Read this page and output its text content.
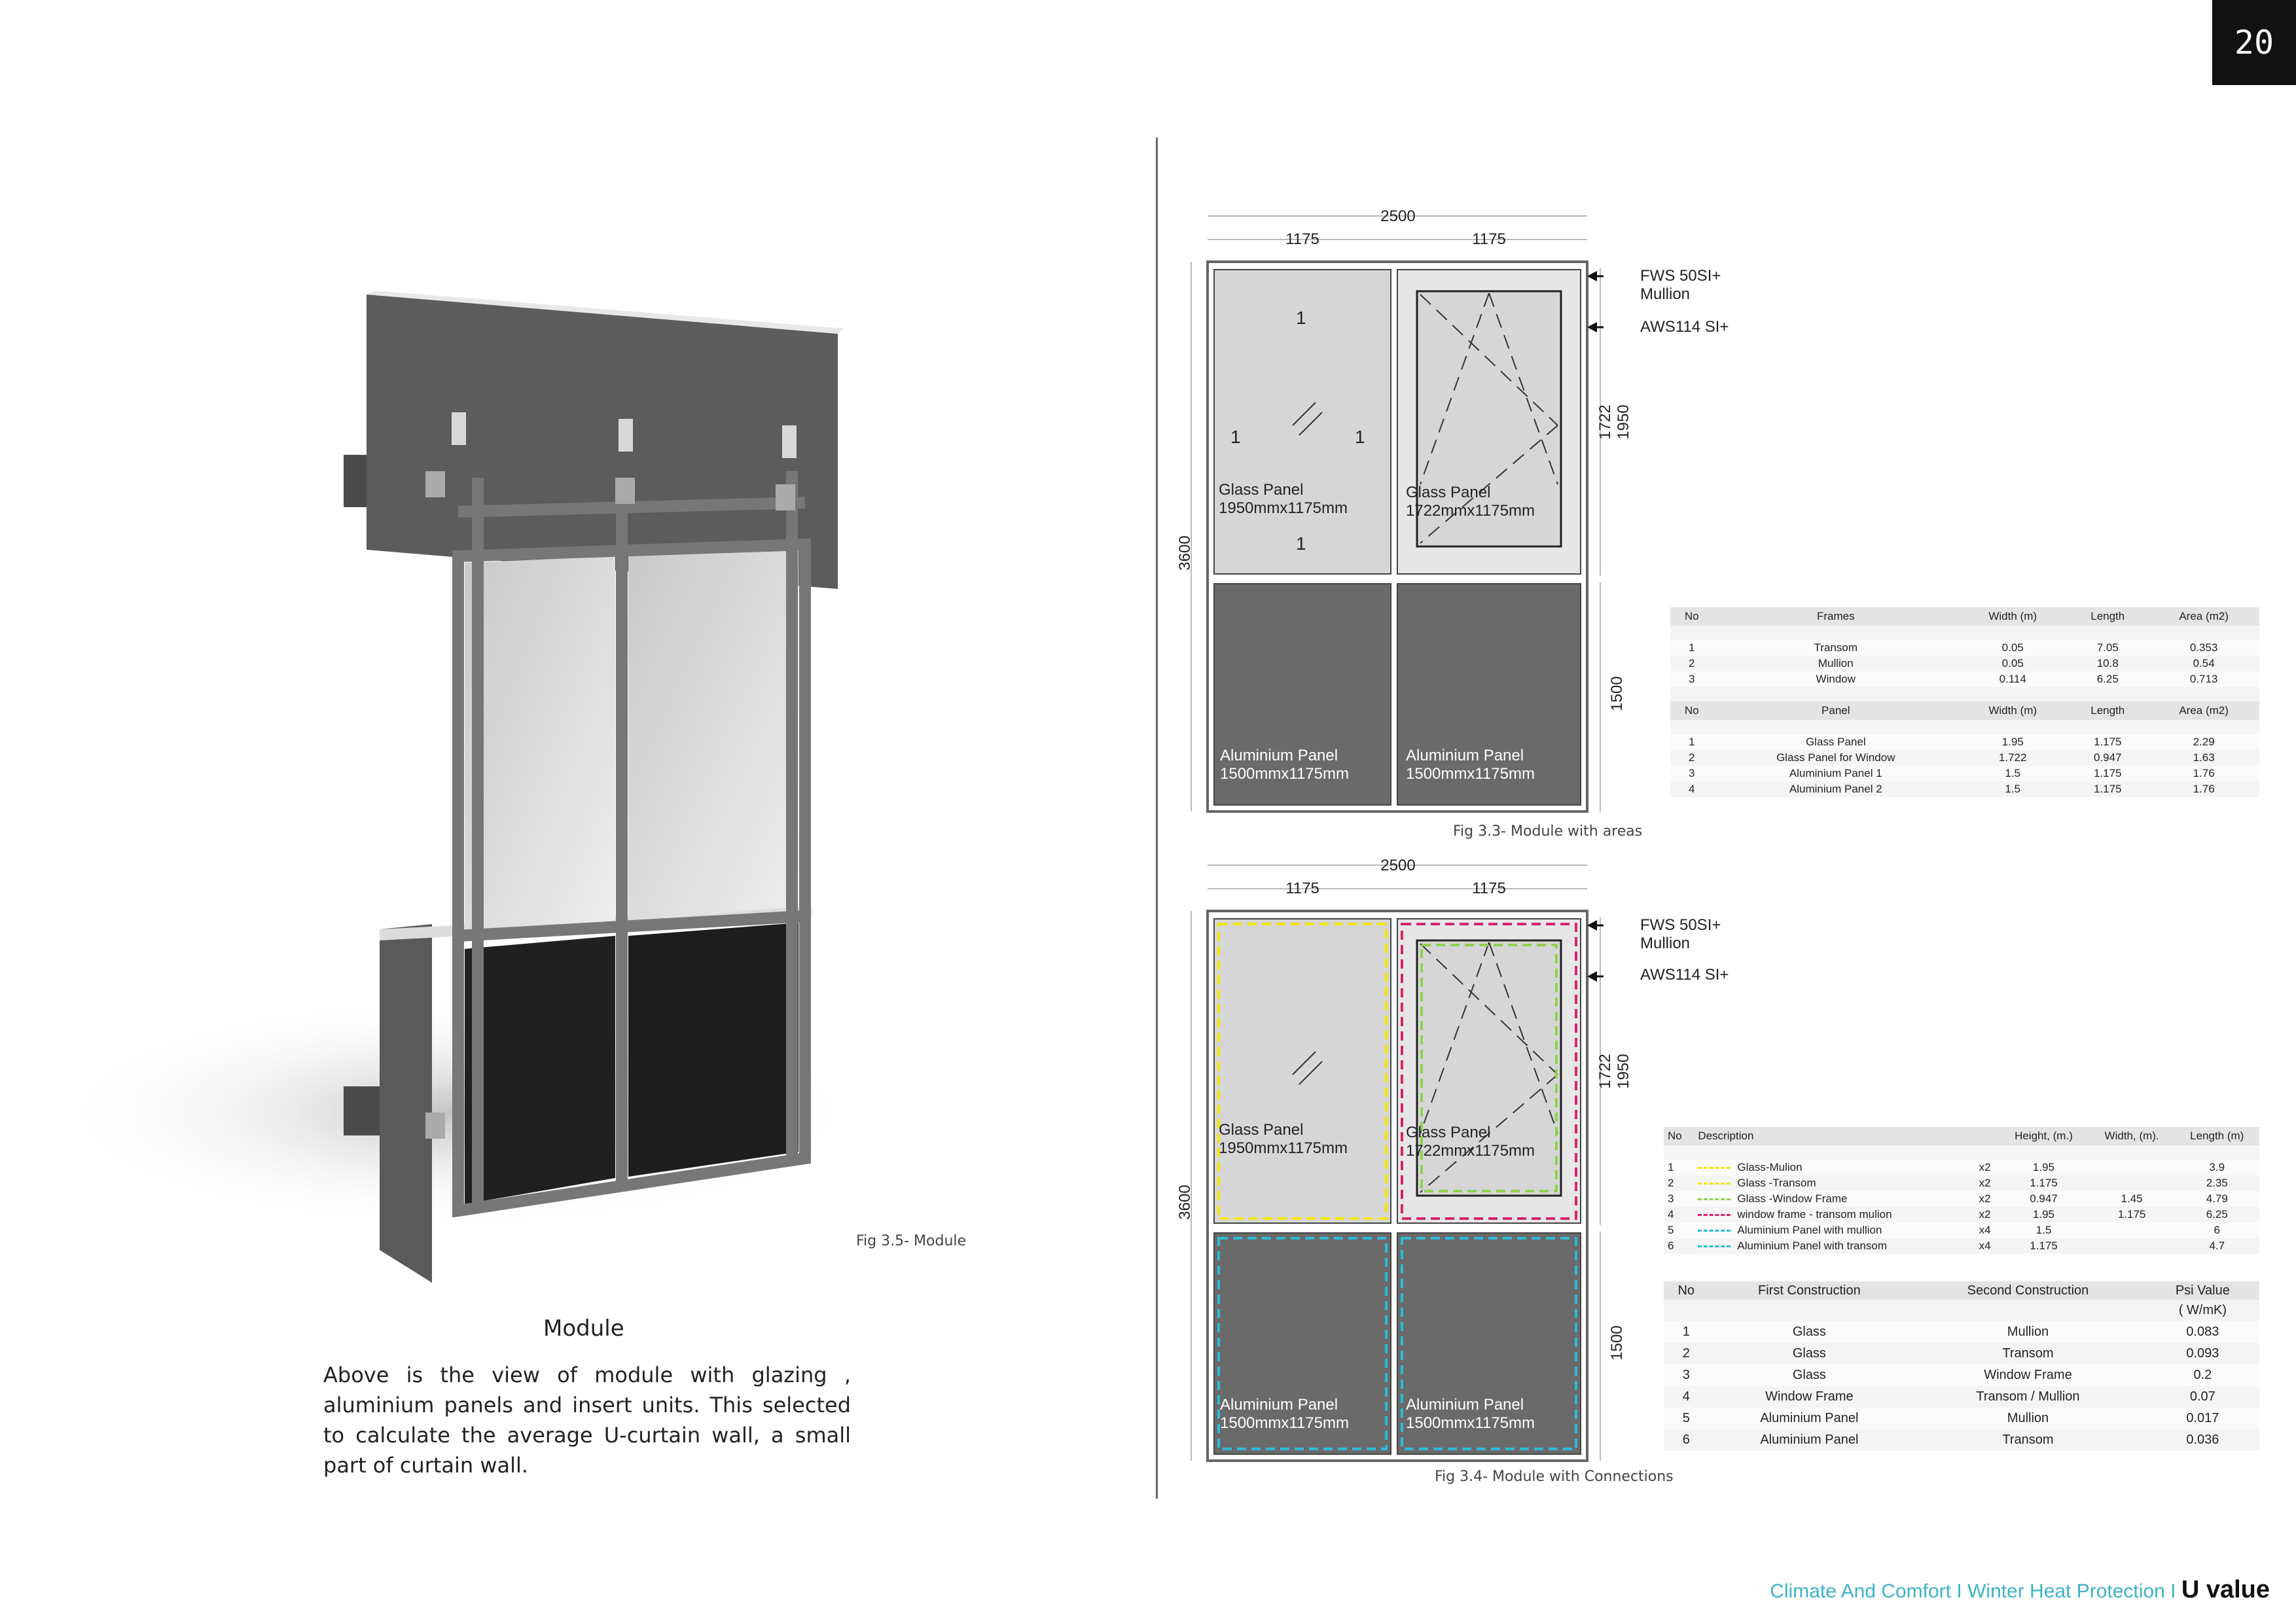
20
Fig 3.5- Module
Module
Above is the view of module with glazing , aluminium panels and insert units. This selected to calculate the average U-curtain wall, a small part of curtain wall.
2500
1175	1175
3600
1
1	1
1
Glass Panel
1950mmx1175mm
Glass Panel
1722mmx1175mm
Aluminium Panel
1500mmx1175mm
Aluminium Panel
1500mmx1175mm
1722 1950
1500
FWS 50SI+
Mullion
AWS114 SI+
Fig 3.3- Module with areas
2500
1175	1175
3600
Glass Panel
1950mmx1175mm
Glass Panel
1722mmx1175mm
Aluminium Panel
1500mmx1175mm
Aluminium Panel
1500mmx1175mm
1722 1950
1500
FWS 50SI+
Mullion
AWS114 SI+
Fig 3.4- Module with Connections
No	Frames	Width (m)	Length	Area (m2)

1	Transom	0.05	7.05	0.353
2	Mullion	0.05	10.8	0.54
3	Window	0.114	6.25	0.713

No	Panel	Width (m)	Length	Area (m2)

1	Glass Panel	1.95	1.175	2.29
2	Glass Panel for Window	1.722	0.947	1.63
3	Aluminium Panel 1	1.5	1.175	1.76
4	Aluminium Panel 2	1.5	1.175	1.76
No	Description		Height, (m.)	Width, (m).	Length (m)

1	Glass-Mulion	x2	1.95		3.9
2	Glass -Transom	x2	1.175		2.35
3	Glass -Window Frame	x2	0.947	1.45	4.79
4	window frame - transom mulion	x2	1.95	1.175	6.25
5	Aluminium Panel with mullion	x4	1.5		6
6	Aluminium Panel with transom	x4	1.175		4.7
No	First Construction	Second Construction	Psi Value
			( W/mK)
1	Glass	Mullion	0.083
2	Glass	Transom	0.093
3	Glass	Window Frame	0.2
4	Window Frame	Transom / Mullion	0.07
5	Aluminium Panel	Mullion	0.017
6	Aluminium Panel	Transom	0.036
Climate And Comfort I Winter Heat Protection I U value
